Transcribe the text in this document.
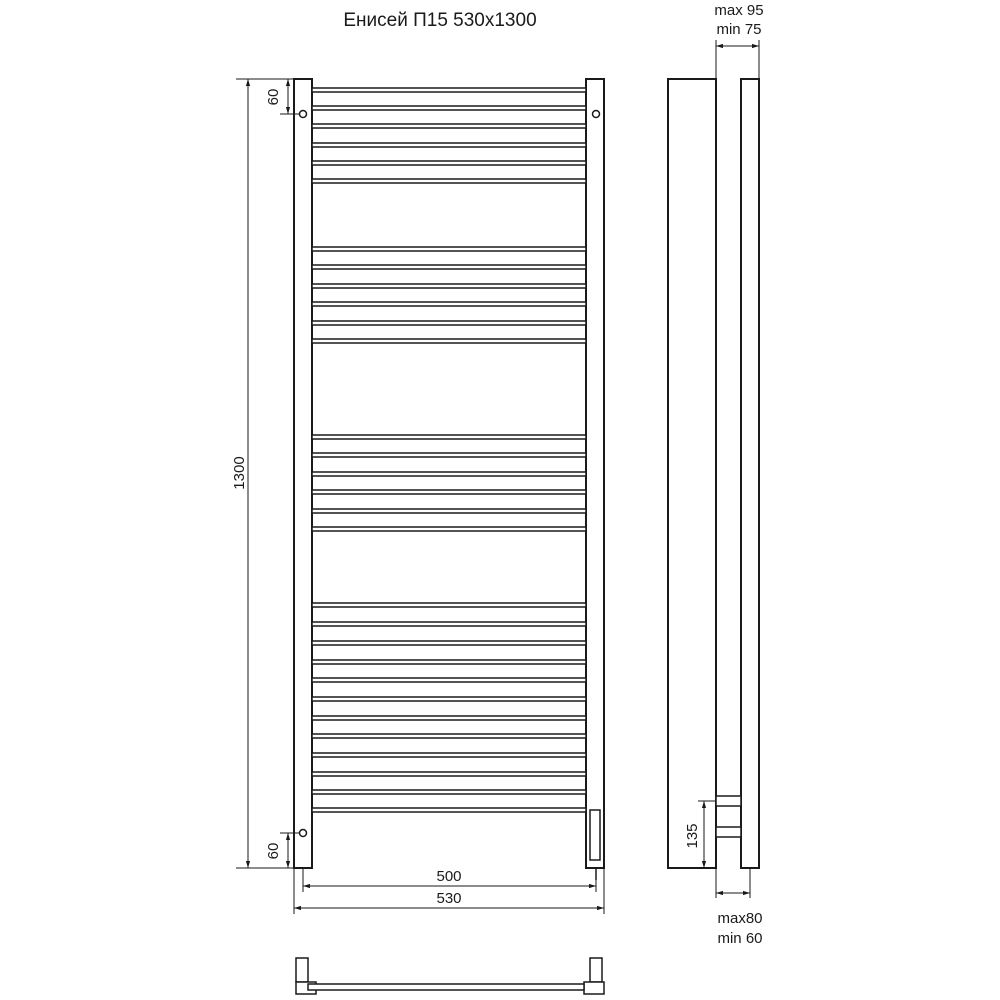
Енисей П15 530x1300
1300
60
60
500
530
max 95
min 75
135
max80
min 60
